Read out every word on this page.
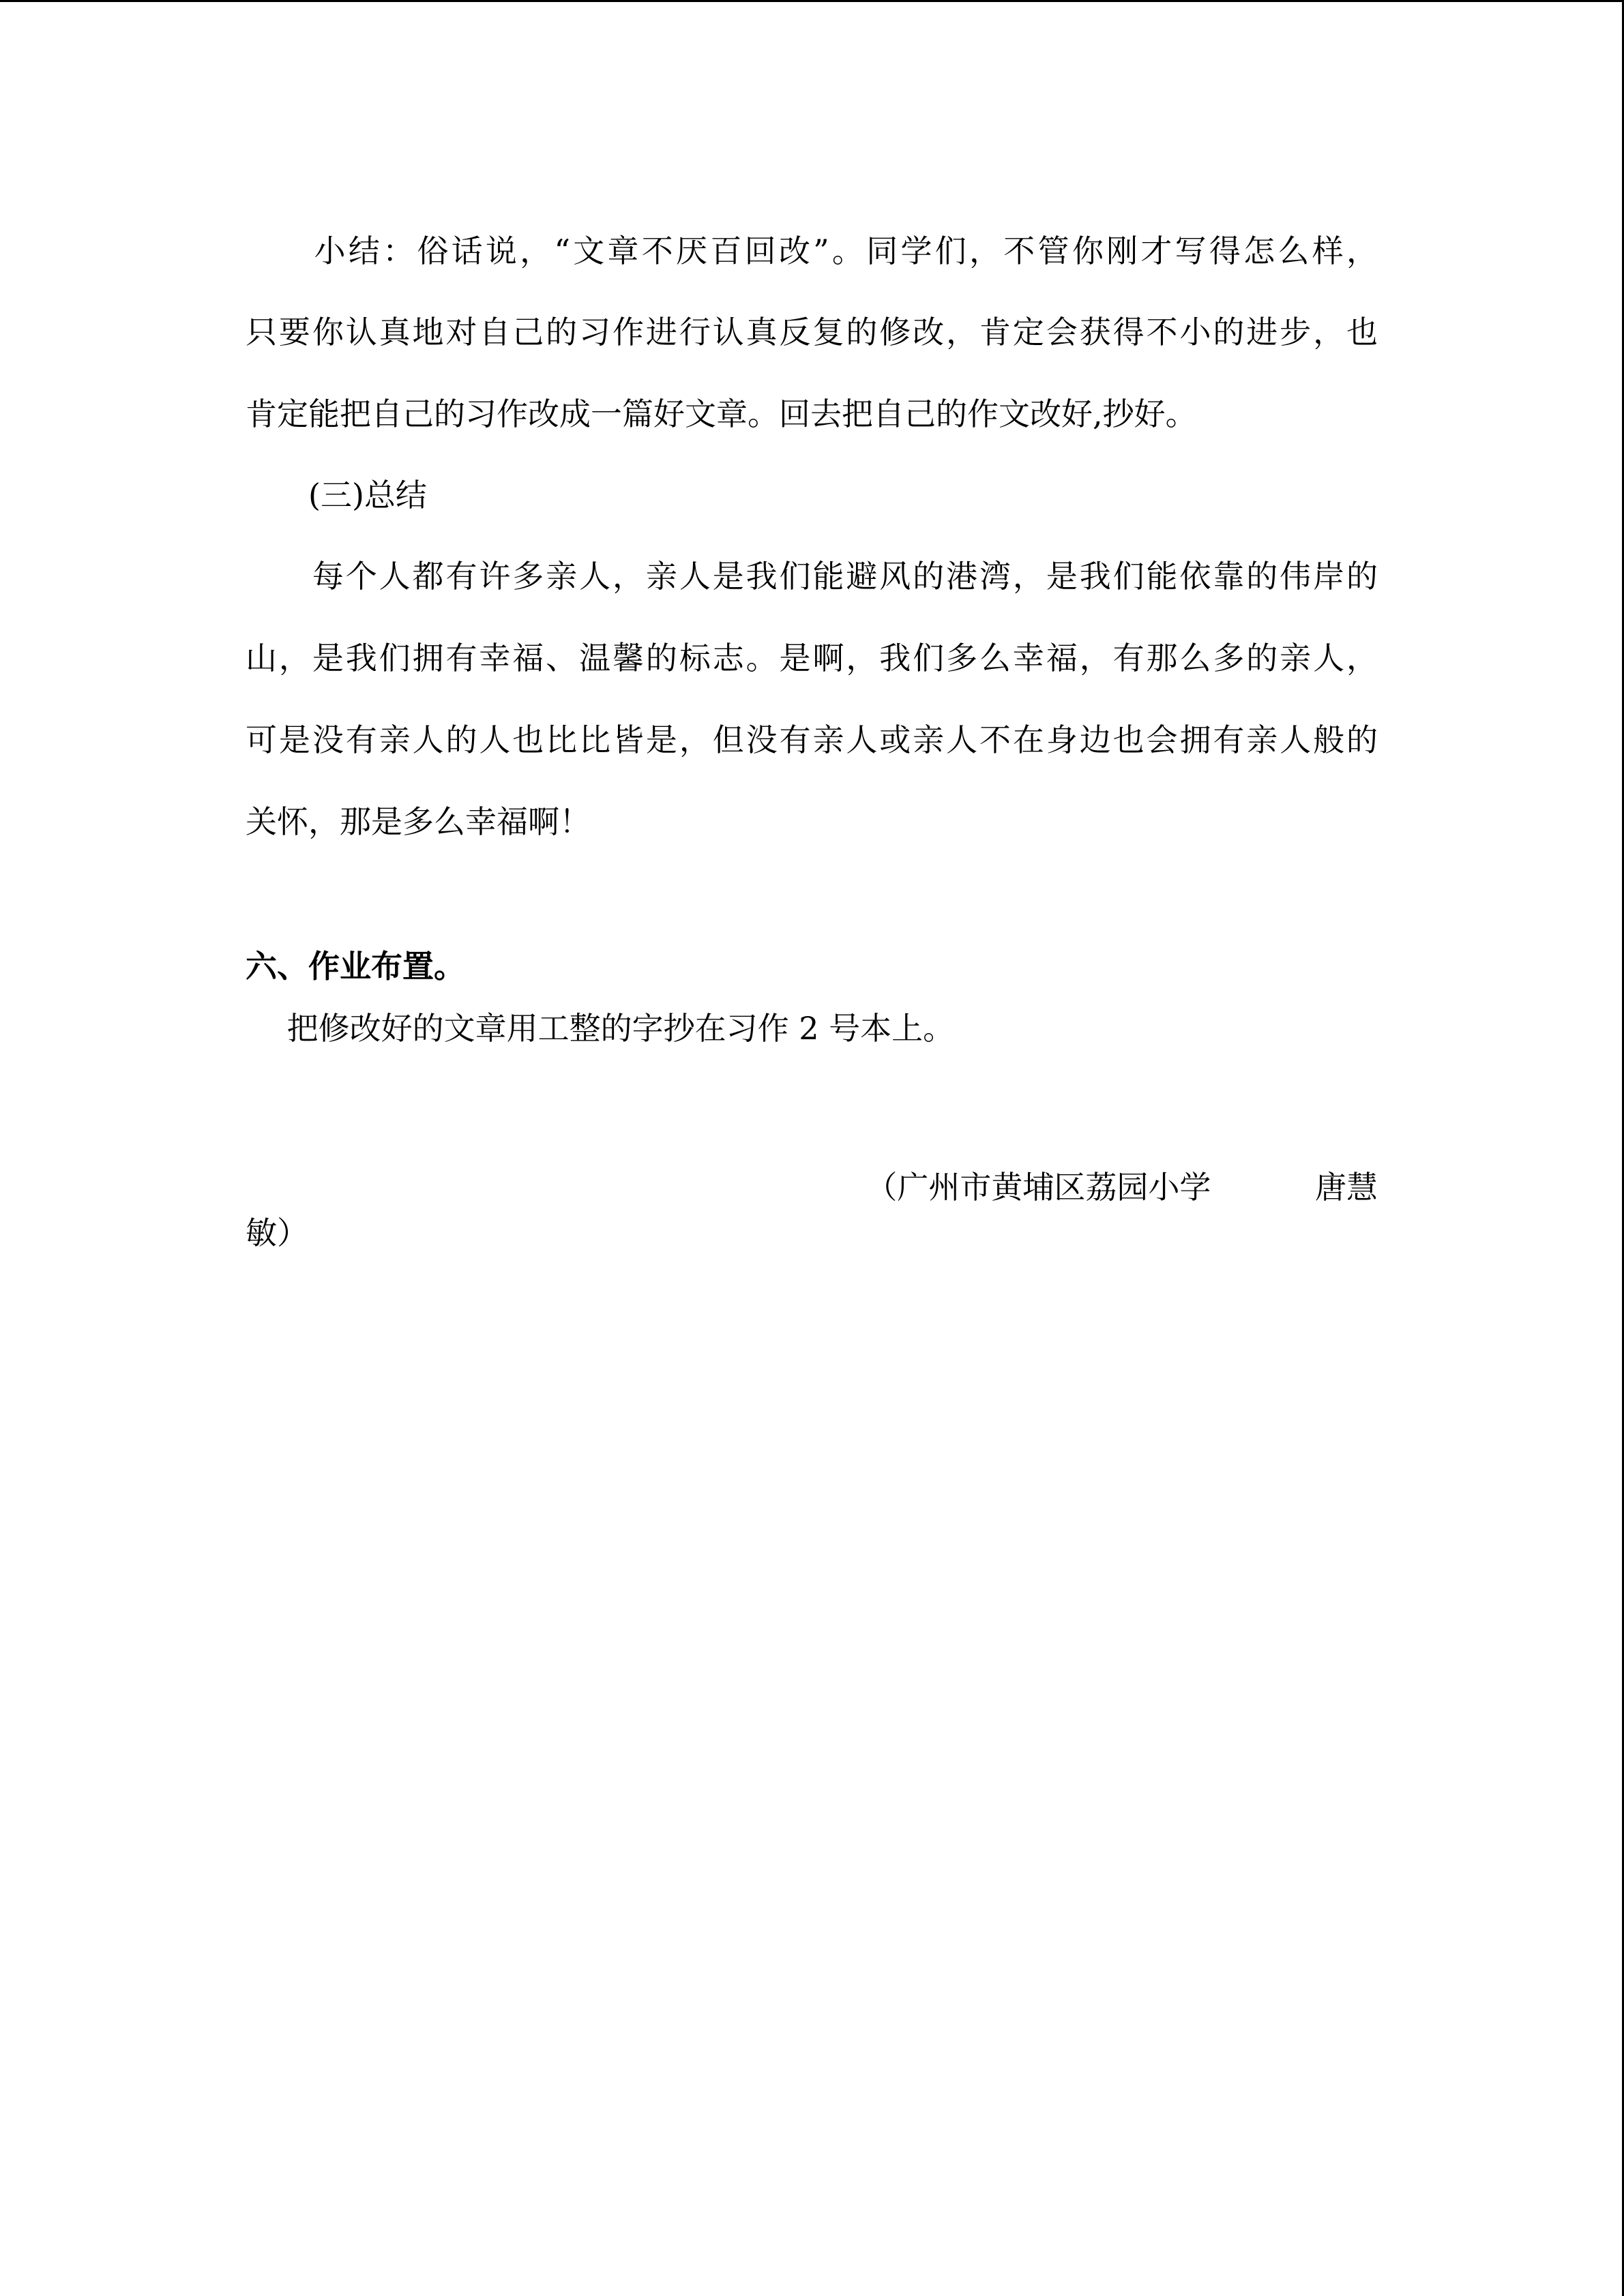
　　小结：俗话说，“文章不厌百回改”。同学们，不管你刚才写得怎么样，
只要你认真地对自己的习作进行认真反复的修改，肯定会获得不小的进步，也
肯定能把自己的习作改成一篇好文章。回去把自己的作文改好,抄好。
　　(三)总结
　　每个人都有许多亲人，亲人是我们能避风的港湾，是我们能依靠的伟岸的
山，是我们拥有幸福、温馨的标志。是啊，我们多么幸福，有那么多的亲人，
可是没有亲人的人也比比皆是，但没有亲人或亲人不在身边也会拥有亲人般的
关怀，那是多么幸福啊！
六、作业布置。
　 把修改好的文章用工整的字抄在习作 2 号本上。
（广州市黄埔区荔园小学　　　 唐慧
敏）
